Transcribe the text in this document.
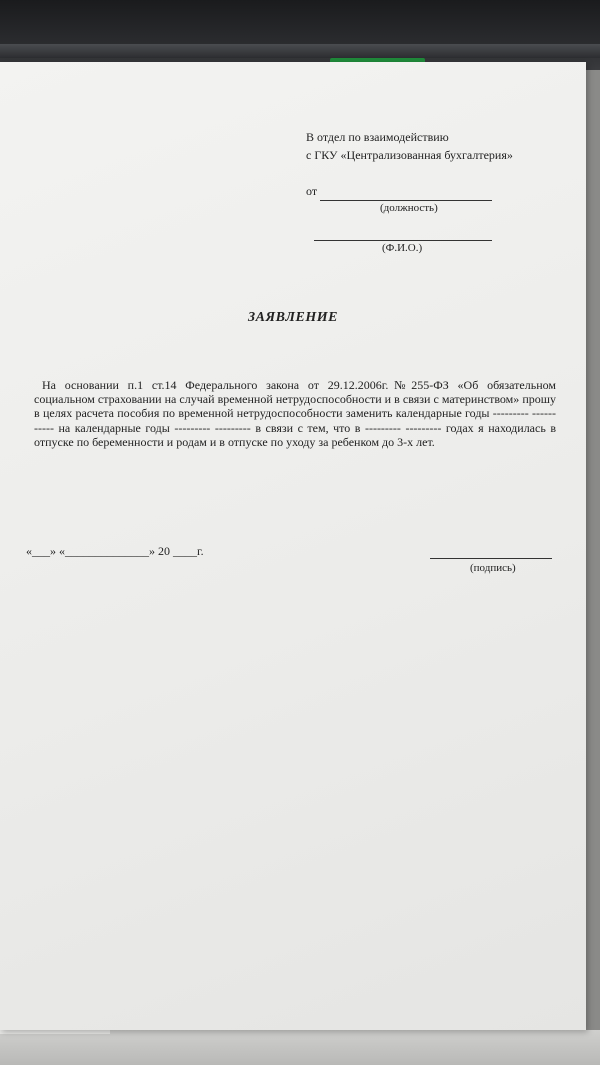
В отдел по взаимодействию
с ГКУ «Централизованная бухгалтерия»
от
(должность)
(Ф.И.О.)
ЗАЯВЛЕНИЕ
На основании п.1 ст.14 Федерального закона от 29.12.2006г.№255-ФЗ «Об обязательном социальном страховании на случай временной нетрудоспособности и в связи с материнством» прошу в целях расчета пособия по временной нетрудоспособности заменить календарные годы --------- ----------- на календарные годы --------- --------- в связи с тем, что в --------- --------- годах я находилась в отпуске по беременности и родам и в отпуске по уходу за ребенком до 3-х лет.
«___» «______________» 20 ____г.
(подпись)
